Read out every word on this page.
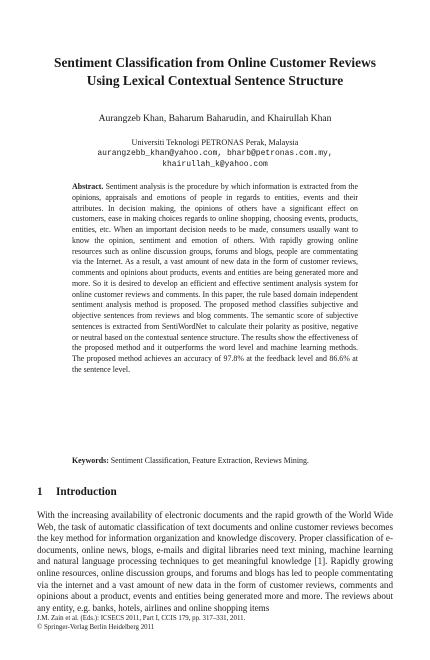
Sentiment Classification from Online Customer Reviews
Using Lexical Contextual Sentence Structure
Aurangzeb Khan, Baharum Baharudin, and Khairullah Khan
Universiti Teknologi PETRONAS Perak, Malaysia
aurangzebb_khan@yahoo.com, bharb@petronas.com.my,
khairullah_k@yahoo.com
Abstract. Sentiment analysis is the procedure by which information is extracted from the opinions, appraisals and emotions of people in regards to entities, events and their attributes. In decision making, the opinions of others have a significant effect on customers, ease in making choices regards to online shopping, choosing events, products, entities, etc. When an important decision needs to be made, consumers usually want to know the opinion, sentiment and emotion of others. With rapidly growing online resources such as online discussion groups, forums and blogs, people are commentating via the Internet. As a result, a vast amount of new data in the form of customer reviews, comments and opinions about products, events and entities are being generated more and more. So it is desired to develop an efficient and effective sentiment analysis system for online customer reviews and comments. In this paper, the rule based domain independent sentiment analysis method is proposed. The proposed method classifies subjective and objective sentences from reviews and blog comments. The semantic score of subjective sentences is extracted from SentiWordNet to calculate their polarity as positive, negative or neutral based on the contextual sentence structure. The results show the effectiveness of the proposed method and it outperforms the word level and machine learning methods. The proposed method achieves an accuracy of 97.8% at the feedback level and 86.6% at the sentence level.
Keywords: Sentiment Classification, Feature Extraction, Reviews Mining.
1 Introduction
With the increasing availability of electronic documents and the rapid growth of the World Wide Web, the task of automatic classification of text documents and online customer reviews becomes the key method for information organization and knowledge discovery. Proper classification of e-documents, online news, blogs, e-mails and digital libraries need text mining, machine learning and natural language processing techniques to get meaningful knowledge [1]. Rapidly growing online resources, online discussion groups, and forums and blogs has led to people commentating via the internet and a vast amount of new data in the form of customer reviews, comments and opinions about a product, events and entities being generated more and more. The reviews about any entity, e.g. banks, hotels, airlines and online shopping items
J.M. Zain et al. (Eds.): ICSECS 2011, Part I, CCIS 179, pp. 317–331, 2011.
© Springer-Verlag Berlin Heidelberg 2011
